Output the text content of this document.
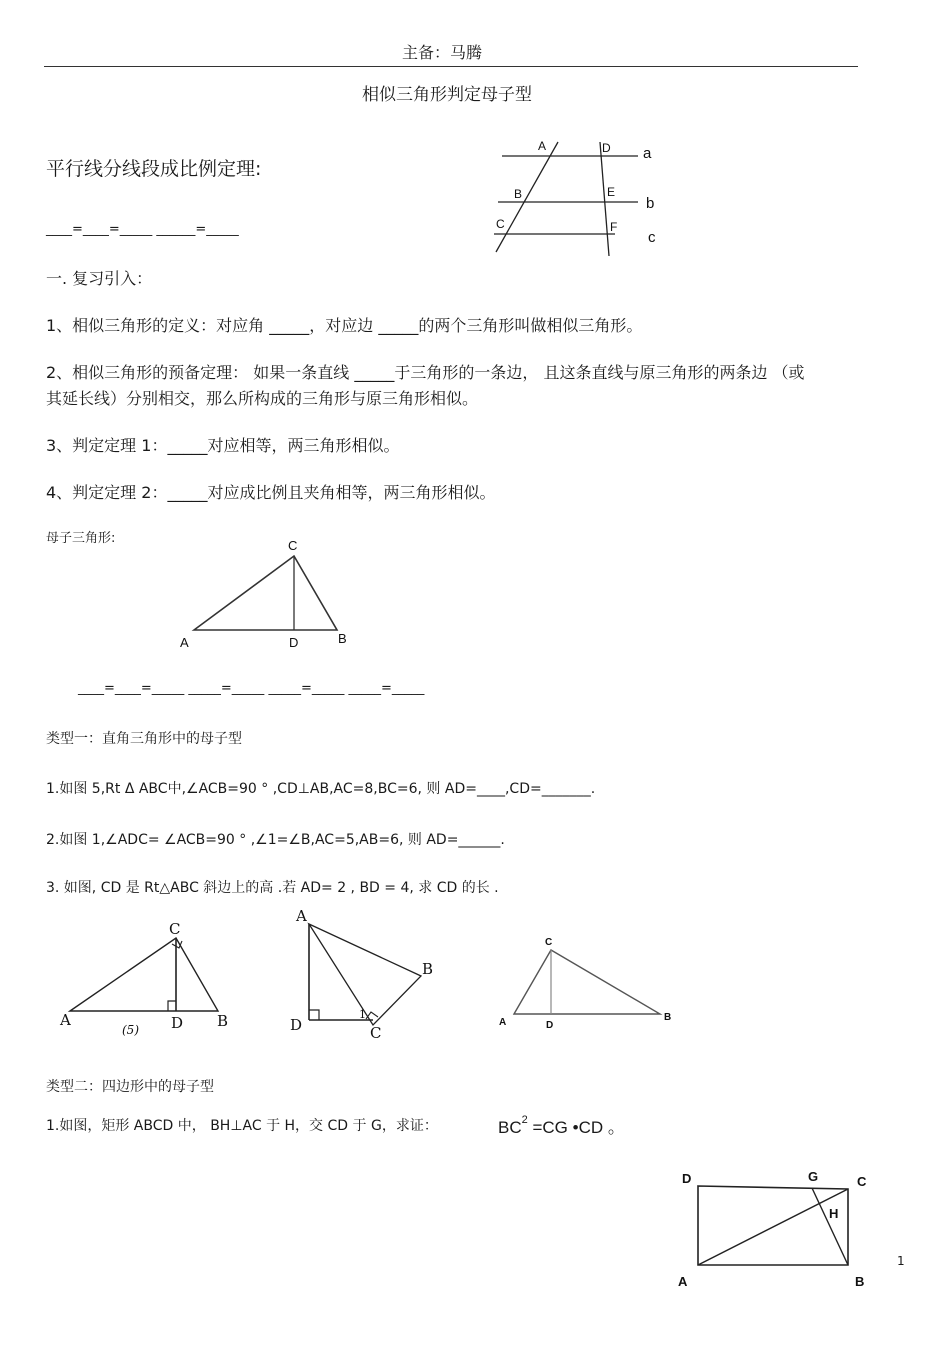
主备：马腾
相似三角形判定母子型
平行线分线段成比例定理:
____=____=_____ ______=_____
A	D a
B	E
b
C	F
c
一. 复习引入：
1、相似三角形的定义：对应角 _____，对应边 _____的两个三角形叫做相似三角形。
2、相似三角形的预备定理： 如果一条直线 _____于三角形的一条边， 且这条直线与原三角形的两条边 （或
其延长线）分别相交，那么所构成的三角形与原三角形相似。
3、判定定理 1：_____对应相等，两三角形相似。
4、判定定理 2：_____对应成比例且夹角相等，两三角形相似。
母子三角形:	C
A	D	B
____=____=_____ _____=_____ _____=_____ _____=_____
类型一：直角三角形中的母子型
1.如图 5,Rt Δ ABC中,∠ACB=90 ° ,CD⊥AB,AC=8,BC=6, 则 AD=____,CD=_______.
2.如图 1,∠ADC= ∠ACB=90 ° ,∠1=∠B,AC=5,AB=6, 则 AD=______.
3. 如图, CD 是 Rt△ABC 斜边上的高 .若 AD= 2 , BD = 4, 求 CD 的长 .
C
A	D B
(5)
A
B
D	C
1
C
A	D
B
类型二：四边形中的母子型
1.如图，矩形 ABCD 中， BH⊥AC 于 H，交 CD 于 G，求证：	$BC^2 =CG$ •CD 。
D	G	C
H
A	B
1
